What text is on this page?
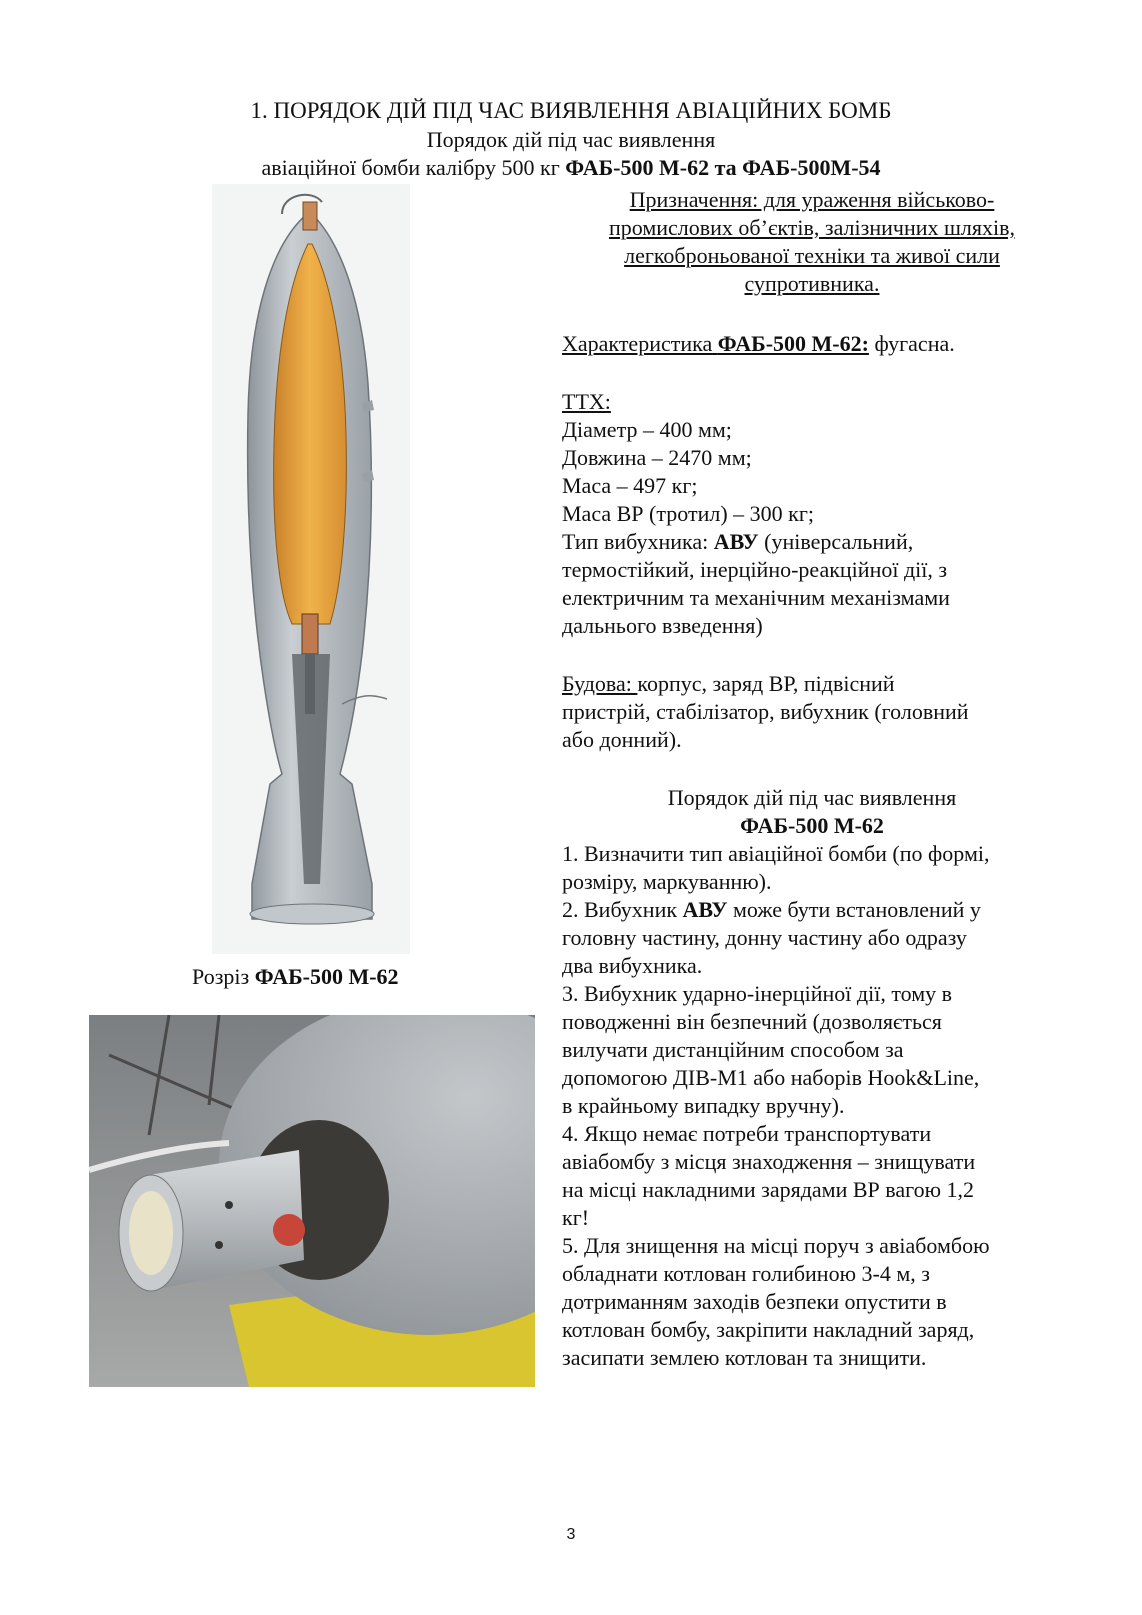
1. ПОРЯДОК ДІЙ ПІД ЧАС ВИЯВЛЕННЯ АВІАЦІЙНИХ БОМБ
Порядок дій під час виявлення
авіаційної бомби калібру 500 кг ФАБ-500 М-62 та ФАБ-500М-54
Розріз ФАБ-500 М-62
Призначення: для ураження військово-
промислових об’єктів, залізничних шляхів,
легкоброньованої техніки та живої сили
супротивника.
Характеристика ФАБ-500 М-62: фугасна.
ТТХ:
Діаметр – 400 мм;
Довжина – 2470 мм;
Маса – 497 кг;
Маса ВР (тротил) – 300 кг;
Тип вибухника: АВУ (універсальний,
термостійкий, інерційно-реакційної дії, з
електричним та механічним механізмами
дальнього взведення)
Будова: корпус, заряд ВР, підвісний
пристрій, стабілізатор, вибухник (головний
або донний).
Порядок дій під час виявлення
ФАБ-500 М-62
1. Визначити тип авіаційної бомби (по формі,
розміру, маркуванню).
2. Вибухник АВУ може бути встановлений у
головну частину, донну частину або одразу
два вибухника.
3. Вибухник ударно-інерційної дії, тому в
поводженні він безпечний (дозволяється
вилучати дистанційним способом за
допомогою ДІВ-М1 або наборів Hook&Line,
в крайньому випадку вручну).
4. Якщо немає потреби транспортувати
авіабомбу з місця знаходження – знищувати
на місці накладними зарядами ВР вагою 1,2
кг!
5. Для знищення на місці поруч з авіабомбою
обладнати котлован голибиною 3-4 м, з
дотриманням заходів безпеки опустити в
котлован бомбу, закріпити накладний заряд,
засипати землею котлован та знищити.
3
